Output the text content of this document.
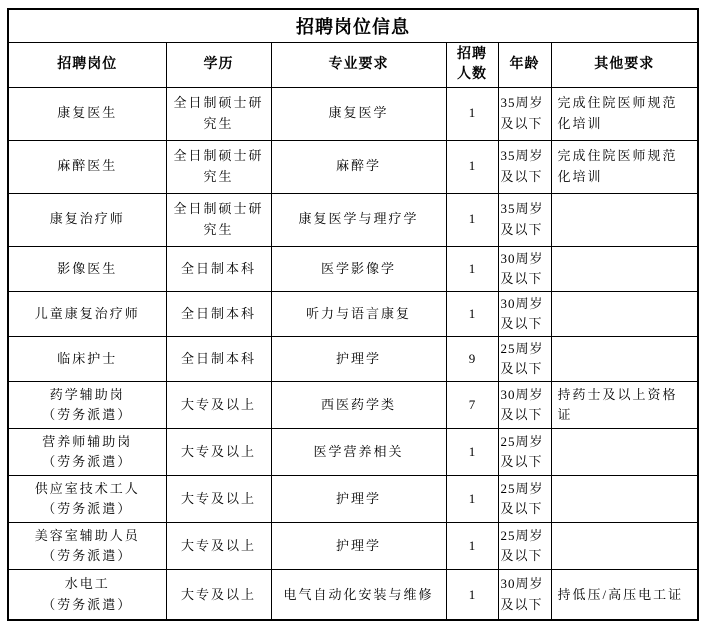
招聘岗位信息					
招聘岗位	学历	专业要求	招聘人数	年龄	其他要求

康复医生	全日制硕士研究生	康复医学	1	35周岁及以下	完成住院医师规范化培训

麻醉医生	全日制硕士研究生	麻醉学	1	35周岁及以下	完成住院医师规范化培训

康复治疗师	全日制硕士研究生	康复医学与理疗学	1	35周岁及以下	

影像医生	全日制本科	医学影像学	1	30周岁及以下	

儿童康复治疗师	全日制本科	听力与语言康复	1	30周岁及以下	

临床护士	全日制本科	护理学	9	25周岁及以下	

药学辅助岗
（劳务派遣）	大专及以上	西医药学类	7	30周岁及以下	持药士及以上资格证

营养师辅助岗
（劳务派遣）	大专及以上	医学营养相关	1	25周岁及以下	

供应室技术工人
（劳务派遣）	大专及以上	护理学	1	25周岁及以下	

美容室辅助人员
（劳务派遣）	大专及以上	护理学	1	25周岁及以下	

水电工
（劳务派遣）	大专及以上	电气自动化安装与维修	1	30周岁及以下	持低压/高压电工证
